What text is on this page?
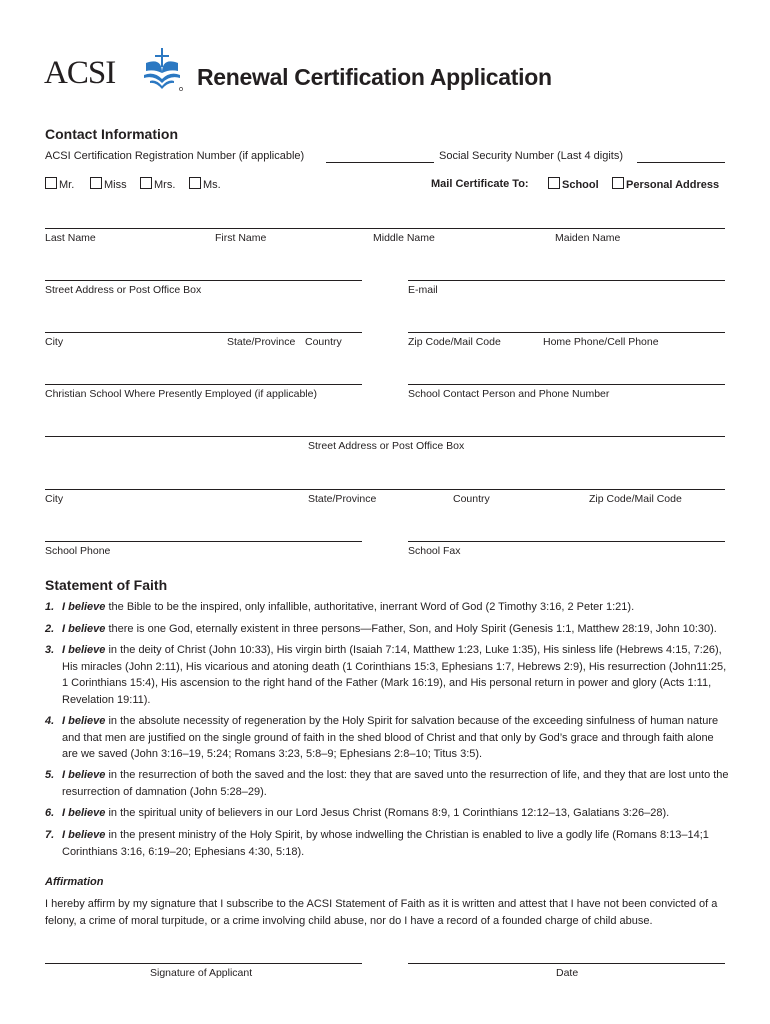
ACSI	Renewal Certification Application
Contact Information
ACSI Certification Registration Number (if applicable)	Social Security Number (Last 4 digits)
Mr.	Miss	Mrs.	Ms.	Mail Certificate To:	School	Personal Address
Last Name	First Name	Middle Name	Maiden Name
Street Address or Post Office Box	E-mail
City	State/Province Country	Zip Code/Mail Code	Home Phone/Cell Phone
Christian School Where Presently Employed (if applicable)	School Contact Person and Phone Number
Street Address or Post Office Box
City	State/Province	Country	Zip Code/Mail Code
School Phone	School Fax
Statement of Faith
1. I believe the Bible to be the inspired, only infallible, authoritative, inerrant Word of God (2 Timothy 3:16, 2 Peter 1:21).
2. I believe there is one God, eternally existent in three persons—Father, Son, and Holy Spirit (Genesis 1:1, Matthew 28:19, John 10:30).
3. I believe in the deity of Christ (John 10:33), His virgin birth (Isaiah 7:14, Matthew 1:23, Luke 1:35), His sinless life (Hebrews 4:15, 7:26), His miracles (John 2:11), His vicarious and atoning death (1 Corinthians 15:3, Ephesians 1:7, Hebrews 2:9), His resurrection (John11:25, 1 Corinthians 15:4), His ascension to the right hand of the Father (Mark 16:19), and His personal return in power and glory (Acts 1:11, Revelation 19:11).
4. I believe in the absolute necessity of regeneration by the Holy Spirit for salvation because of the exceeding sinfulness of human nature and that men are justified on the single ground of faith in the shed blood of Christ and that only by God’s grace and through faith alone are we saved (John 3:16–19, 5:24; Romans 3:23, 5:8–9; Ephesians 2:8–10; Titus 3:5).
5. I believe in the resurrection of both the saved and the lost: they that are saved unto the resurrection of life, and they that are lost unto the resurrection of damnation (John 5:28–29).
6. I believe in the spiritual unity of believers in our Lord Jesus Christ (Romans 8:9, 1 Corinthians 12:12–13, Galatians 3:26–28).
7. I believe in the present ministry of the Holy Spirit, by whose indwelling the Christian is enabled to live a godly life (Romans 8:13–14;1 Corinthians 3:16, 6:19–20; Ephesians 4:30, 5:18).
Affirmation
I hereby affirm by my signature that I subscribe to the ACSI Statement of Faith as it is written and attest that I have not been convicted of a felony, a crime of moral turpitude, or a crime involving child abuse, nor do I have a record of a founded charge of child abuse.
Signature of Applicant	Date
